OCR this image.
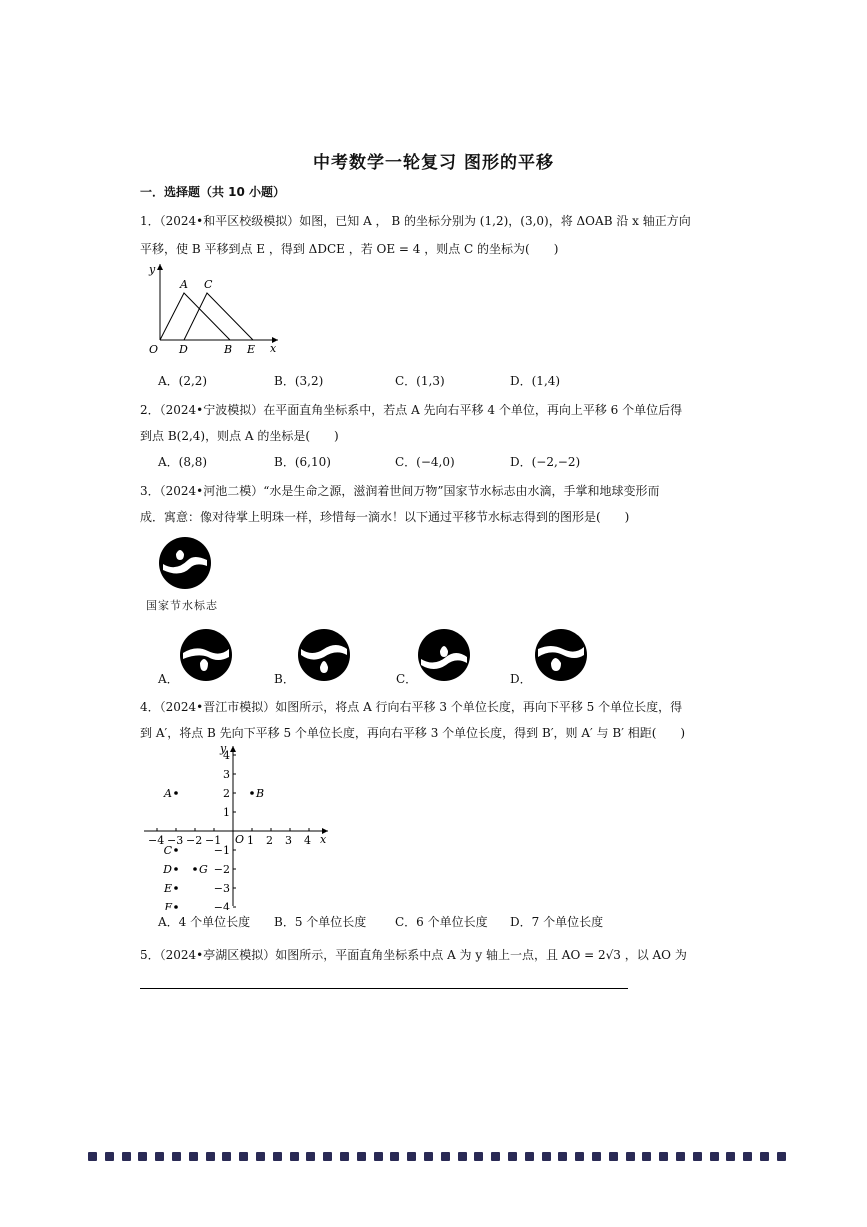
中考数学一轮复习 图形的平移
一．选择题（共 10 小题）
1．（2024•和平区校级模拟）如图，已知 A ， B 的坐标分别为 (1,2)，(3,0)，将 ΔOAB 沿 x 轴正方向
平移，使 B 平移到点 E ，得到 ΔDCE ，若 OE = 4 ，则点 C 的坐标为(　　)
y
x
O
A C
D	B E
A．(2,2)	B．(3,2)	C．(1,3)	D．(1,4)
2．（2024•宁波模拟）在平面直角坐标系中，若点 A 先向右平移 4 个单位，再向上平移 6 个单位后得
到点 B(2,4)，则点 A 的坐标是(　　)
A．(8,8)	B．(6,10)	C．(−4,0)	D．(−2,−2)
3．（2024•河池二模）“水是生命之源，滋润着世间万物”国家节水标志由水滴，手掌和地球变形而
成．寓意：像对待掌上明珠一样，珍惜每一滴水！以下通过平移节水标志得到的图形是(　　)
国家节水标志
A．	B．	C．	D．
4．（2024•晋江市模拟）如图所示，将点 A 行向右平移 3 个单位长度，再向下平移 5 个单位长度，得
到 A′，将点 B 先向下平移 5 个单位长度，再向右平移 3 个单位长度，得到 B′，则 A′ 与 B′ 相距(　　)
y
x
O
−4 −3 −2 −1 1 2 3 4
4
3
2
1
−1
−2
−3
−4
A	B
C
D G
E
F
A．4 个单位长度 B．5 个单位长度 C．6 个单位长度 D．7 个单位长度
5．（2024•亭湖区模拟）如图所示，平面直角坐标系中点 A 为 y 轴上一点，且 AO = 2√3 ，以 AO 为
